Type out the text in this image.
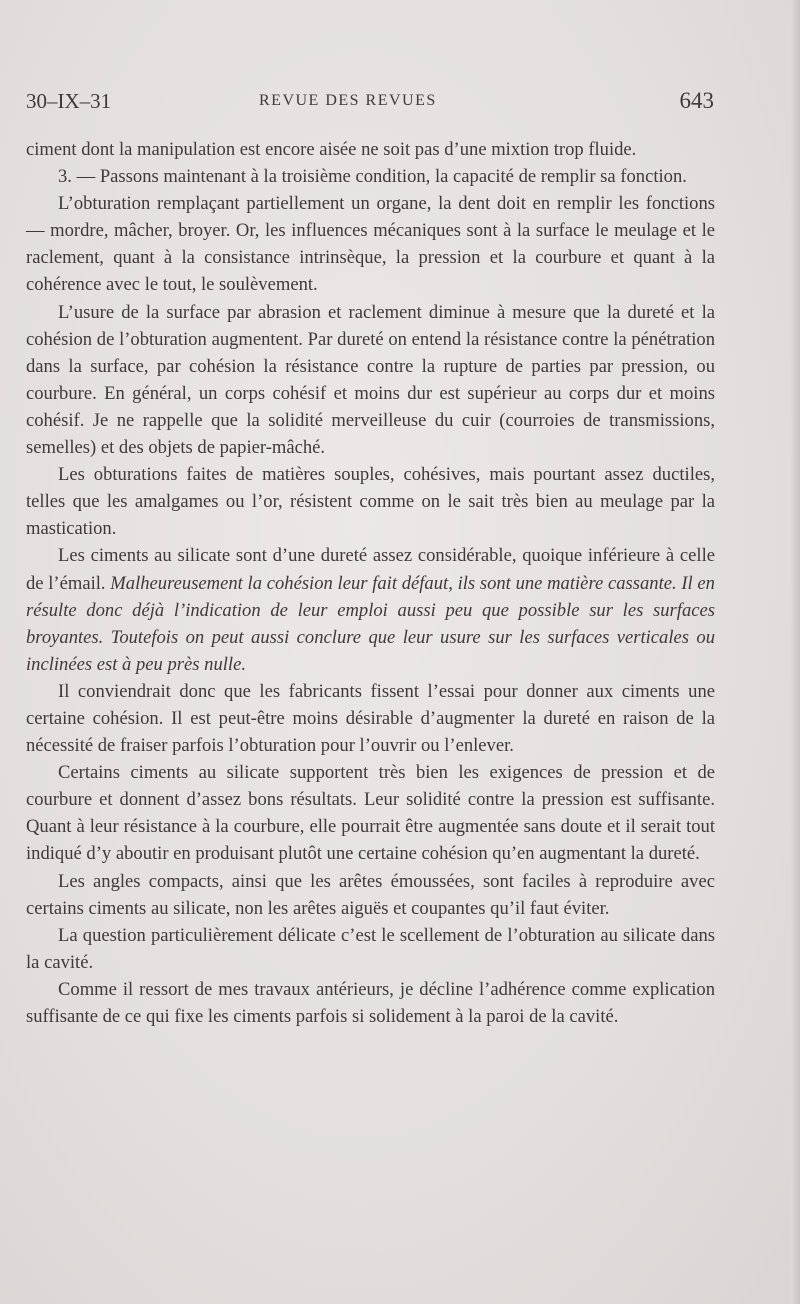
30–IX–31	REVUE DES REVUES	643

ciment dont la manipulation est encore aisée ne soit pas d’une mixtion trop fluide.

3. — Passons maintenant à la troisième condition, la capacité de remplir sa fonction.

L’obturation remplaçant partiellement un organe, la dent doit en remplir les fonctions — mordre, mâcher, broyer. Or, les influences mécaniques sont à la surface le meulage et le raclement, quant à la consistance intrinsèque, la pression et la courbure et quant à la cohérence avec le tout, le soulèvement.

L’usure de la surface par abrasion et raclement diminue à mesure que la dureté et la cohésion de l’obturation augmentent. Par dureté on entend la résistance contre la pénétration dans la surface, par cohésion la résistance contre la rupture de parties par pression, ou courbure. En général, un corps cohésif et moins dur est supérieur au corps dur et moins cohésif. Je ne rappelle que la solidité merveilleuse du cuir (courroies de transmissions, semelles) et des objets de papier-mâché.

Les obturations faites de matières souples, cohésives, mais pourtant assez ductiles, telles que les amalgames ou l’or, résistent comme on le sait très bien au meulage par la mastication.

Les ciments au silicate sont d’une dureté assez considérable, quoique inférieure à celle de l’émail. Malheureusement la cohésion leur fait défaut, ils sont une matière cassante. Il en résulte donc déjà l’indication de leur emploi aussi peu que possible sur les surfaces broyantes. Toutefois on peut aussi conclure que leur usure sur les surfaces verticales ou inclinées est à peu près nulle.

Il conviendrait donc que les fabricants fissent l’essai pour donner aux ciments une certaine cohésion. Il est peut-être moins désirable d’augmenter la dureté en raison de la nécessité de fraiser parfois l’obturation pour l’ouvrir ou l’enlever.

Certains ciments au silicate supportent très bien les exigences de pression et de courbure et donnent d’assez bons résultats. Leur solidité contre la pression est suffisante. Quant à leur résistance à la courbure, elle pourrait être augmentée sans doute et il serait tout indiqué d’y aboutir en produisant plutôt une certaine cohésion qu’en augmentant la dureté.

Les angles compacts, ainsi que les arêtes émoussées, sont faciles à reproduire avec certains ciments au silicate, non les arêtes aiguës et coupantes qu’il faut éviter.

La question particulièrement délicate c’est le scellement de l’obturation au silicate dans la cavité.

Comme il ressort de mes travaux antérieurs, je décline l’adhérence comme explication suffisante de ce qui fixe les ciments parfois si solidement à la paroi de la cavité.
